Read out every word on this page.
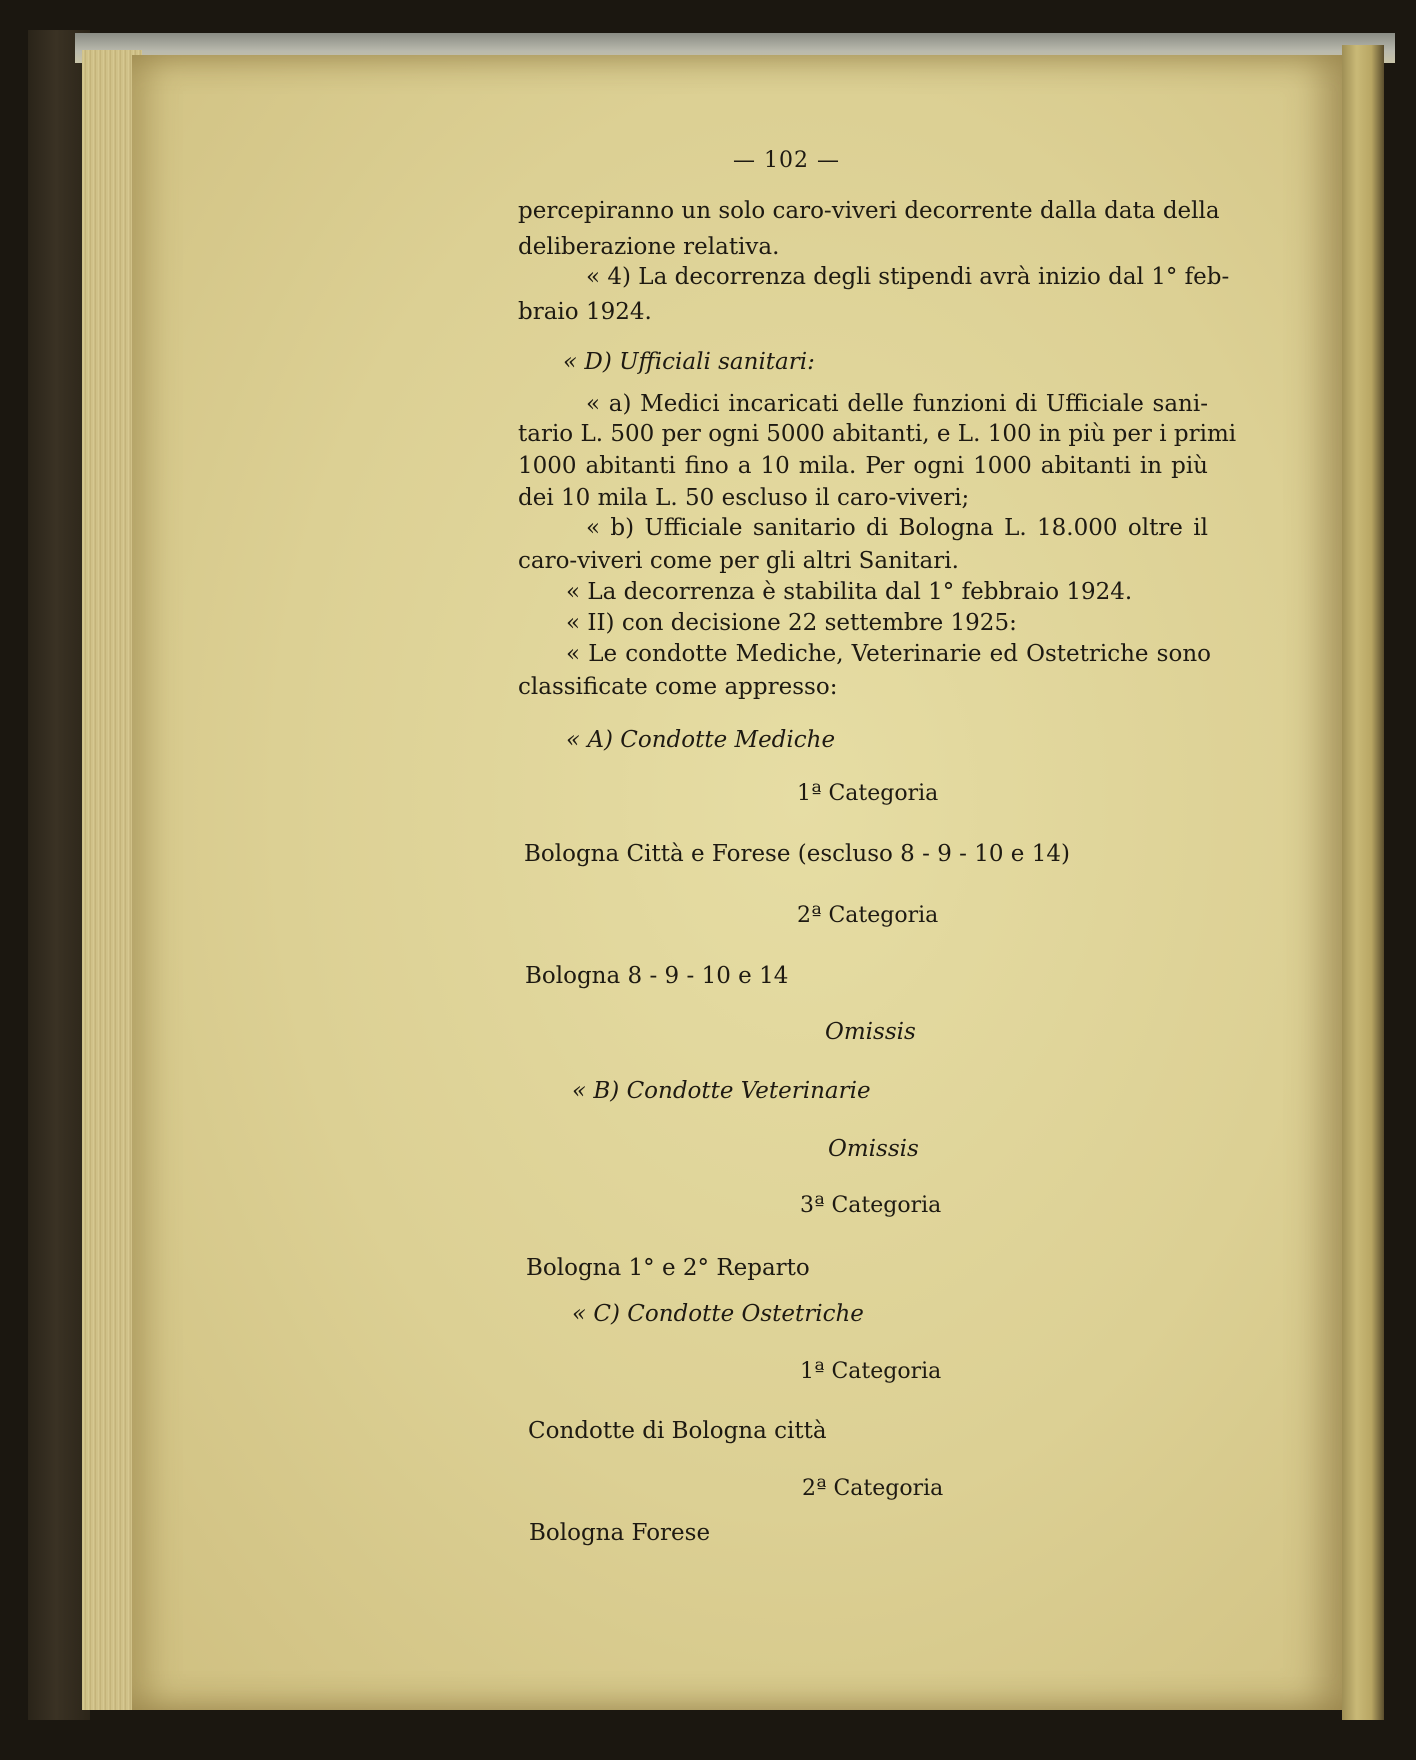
— 102 —
percepiranno un solo caro-viveri decorrente dalla data della
deliberazione relativa.
« 4) La decorrenza degli stipendi avrà inizio dal 1° feb-
braio 1924.
« D) Ufficiali sanitari:
« a) Medici incaricati delle funzioni di Ufficiale sani-
tario L. 500 per ogni 5000 abitanti, e L. 100 in più per i primi
1000 abitanti fino a 10 mila. Per ogni 1000 abitanti in più
dei 10 mila L. 50 escluso il caro-viveri;
« b) Ufficiale sanitario di Bologna L. 18.000 oltre il
caro-viveri come per gli altri Sanitari.
« La decorrenza è stabilita dal 1° febbraio 1924.
« II) con decisione 22 settembre 1925:
« Le condotte Mediche, Veterinarie ed Ostetriche sono
classificate come appresso:
« A) Condotte Mediche
1ª Categoria
Bologna Città e Forese (escluso 8 - 9 - 10 e 14)
2ª Categoria
Bologna 8 - 9 - 10 e 14
Omissis
« B) Condotte Veterinarie
Omissis
3ª Categoria
Bologna 1° e 2° Reparto
« C) Condotte Ostetriche
1ª Categoria
Condotte di Bologna città
2ª Categoria
Bologna Forese
